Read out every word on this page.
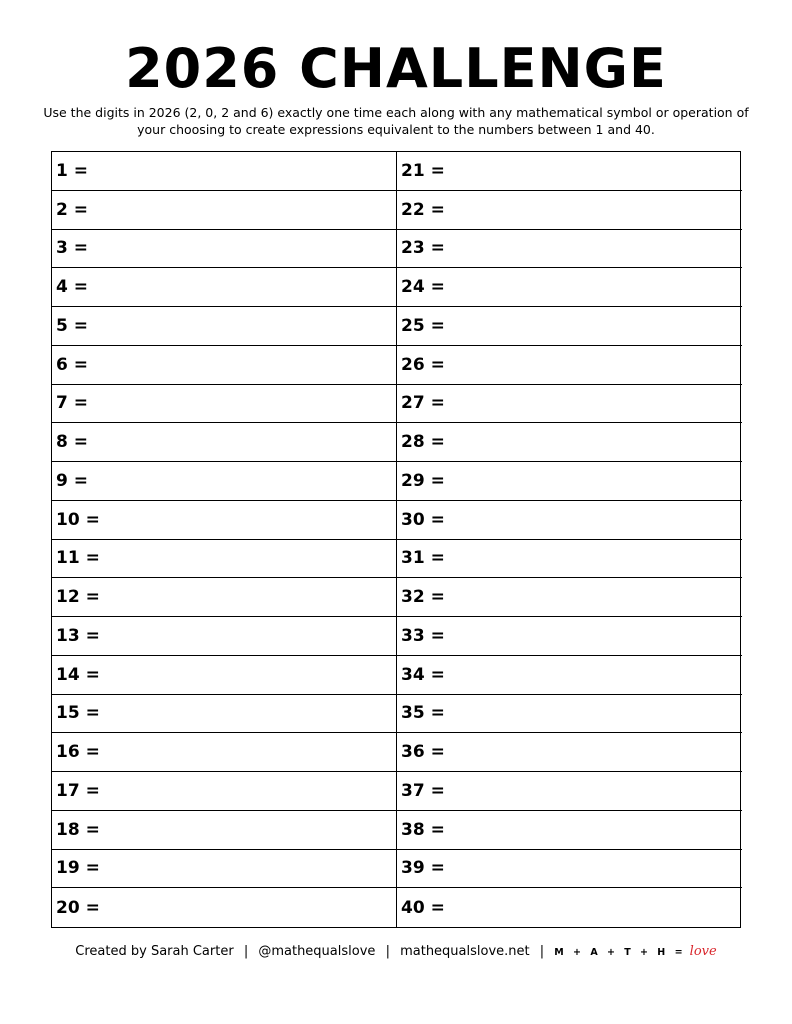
2026 CHALLENGE

Use the digits in 2026 (2, 0, 2 and 6) exactly one time each along with any mathematical symbol or operation of your choosing to create expressions equivalent to the numbers between 1 and 40.

1 =
2 =
3 =
4 =
5 =
6 =
7 =
8 =
9 =
10 =
11 =
12 =
13 =
14 =
15 =
16 =
17 =
18 =
19 =
20 =
21 =
22 =
23 =
24 =
25 =
26 =
27 =
28 =
29 =
30 =
31 =
32 =
33 =
34 =
35 =
36 =
37 =
38 =
39 =
40 =
Created by Sarah Carter | @mathequalslove | mathequalslove.net | M + A + T + H = love
